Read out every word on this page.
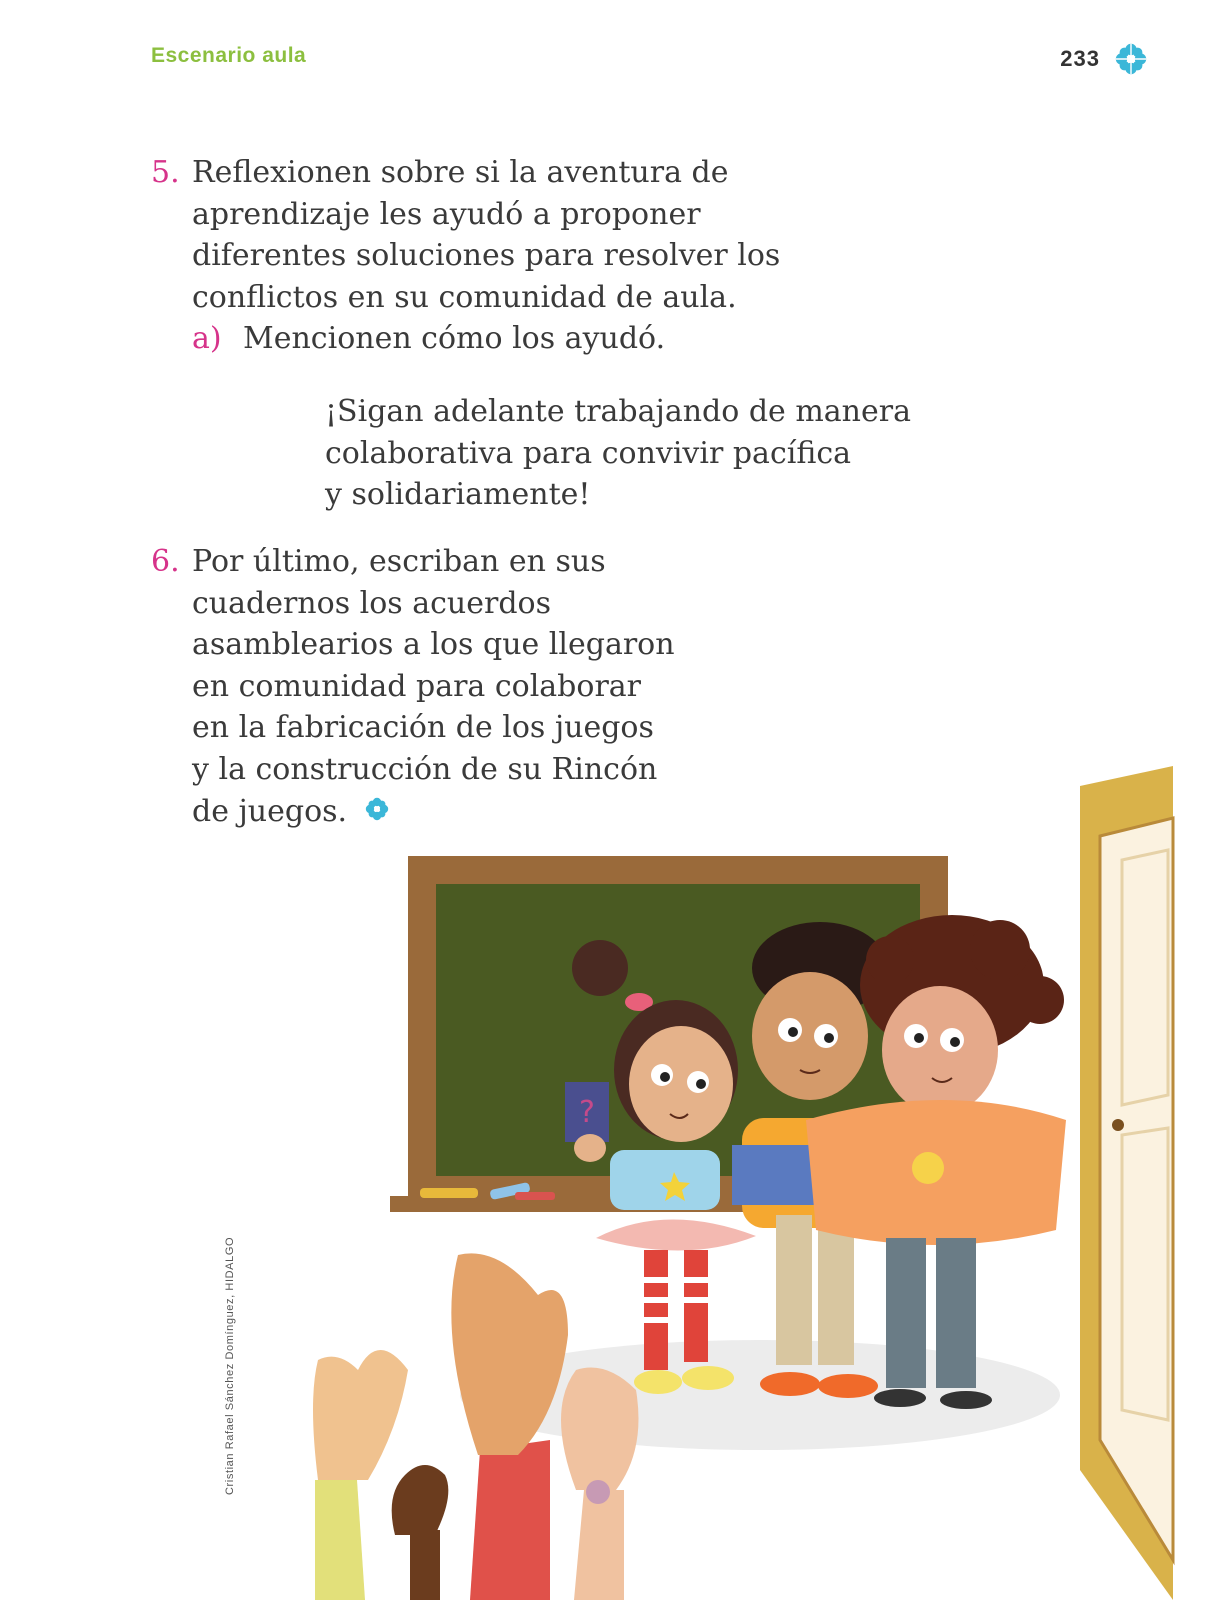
Escenario aula	233
5. Reflexionen sobre si la aventura de
aprendizaje les ayudó a proponer
diferentes soluciones para resolver los
conflictos en su comunidad de aula.
a) Mencionen cómo los ayudó.
¡Sigan adelante trabajando de manera
colaborativa para convivir pacífica
y solidariamente!
6. Por último, escriban en sus
cuadernos los acuerdos
asamblearios a los que llegaron
en comunidad para colaborar
en la fabricación de los juegos
y la construcción de su Rincón
de juegos.
?
Cristian Rafael Sánchez Domínguez, HIDALGO
